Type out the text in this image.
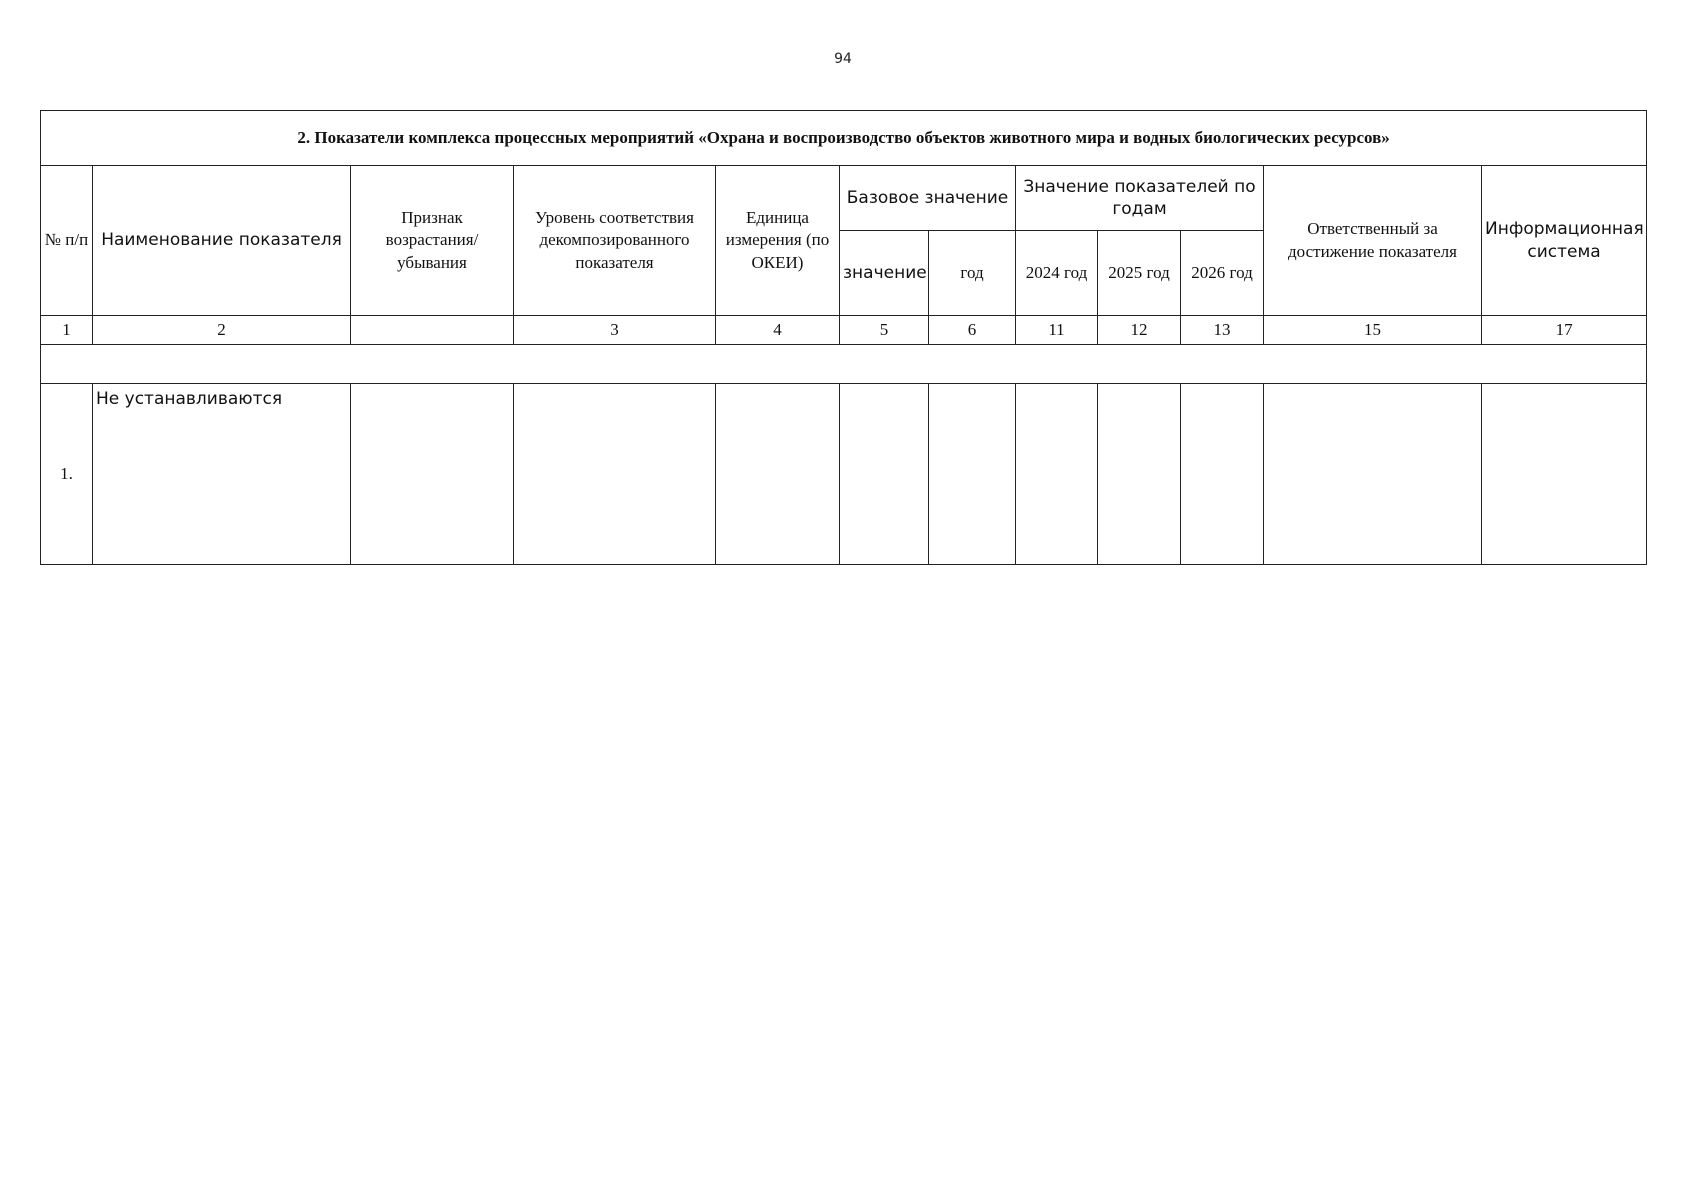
94
2. Показатели комплекса процессных мероприятий «Охрана и воспроизводство объектов животного мира и водных биологических ресурсов»											
№ п/п	Наименование показателя	Признак возрастания/ убывания	Уровень соответствия декомпозированного показателя	Единица измерения (по ОКЕИ)	Базовое значение		Значение показателей по годам			Ответственный за достижение показателя	Информационная система
					значение	год	2024 год	2025 год	2026 год		
1	2		3	4	5	6	11	12	13	15	17

1.	Не устанавливаются										
